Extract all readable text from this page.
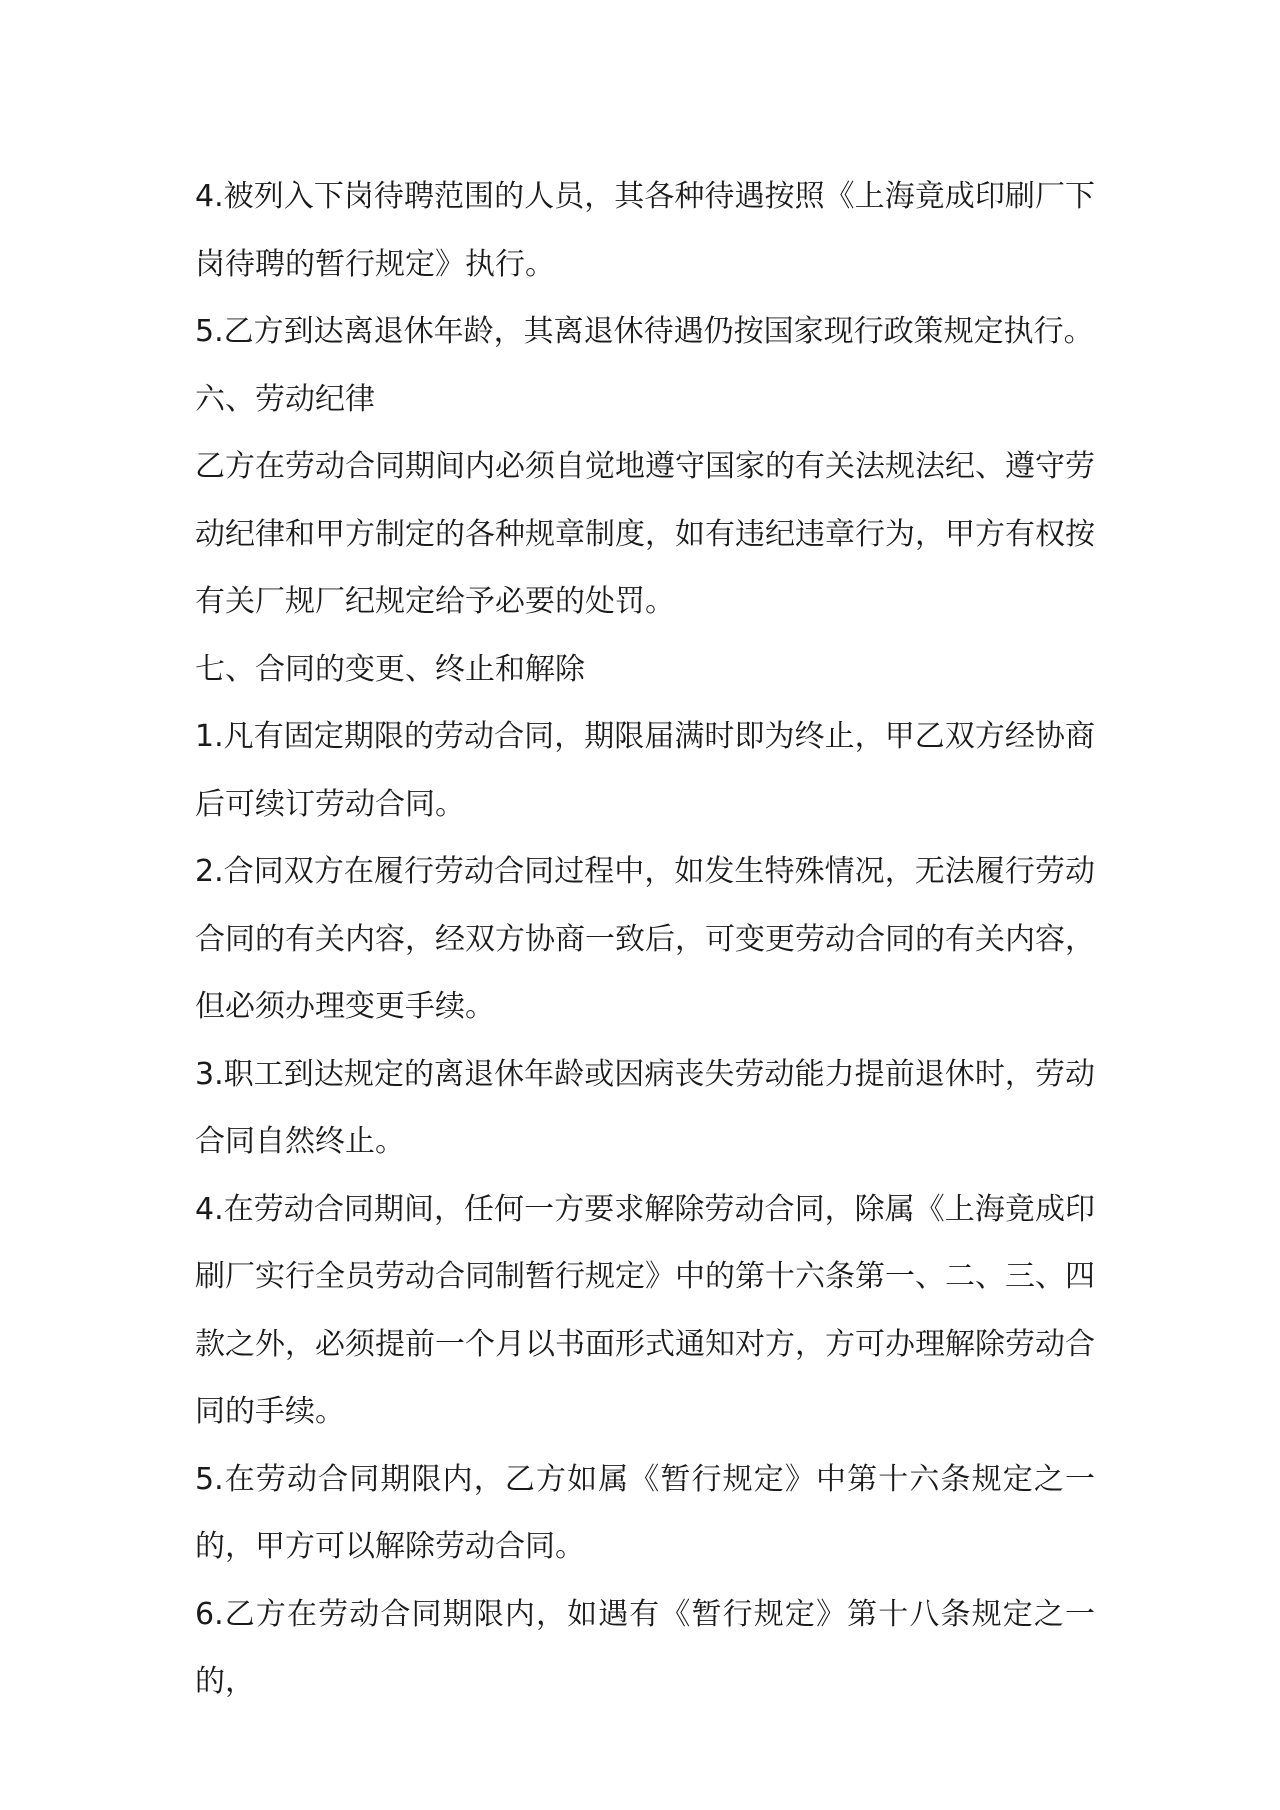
4.被列入下岗待聘范围的人员，其各种待遇按照《上海竟成印刷厂下岗待聘的暂行规定》执行。

5.乙方到达离退休年龄，其离退休待遇仍按国家现行政策规定执行。

六、劳动纪律

乙方在劳动合同期间内必须自觉地遵守国家的有关法规法纪、遵守劳动纪律和甲方制定的各种规章制度，如有违纪违章行为，甲方有权按有关厂规厂纪规定给予必要的处罚。

七、合同的变更、终止和解除

1.凡有固定期限的劳动合同，期限届满时即为终止，甲乙双方经协商后可续订劳动合同。

2.合同双方在履行劳动合同过程中，如发生特殊情况，无法履行劳动合同的有关内容，经双方协商一致后，可变更劳动合同的有关内容，但必须办理变更手续。

3.职工到达规定的离退休年龄或因病丧失劳动能力提前退休时，劳动合同自然终止。

4.在劳动合同期间，任何一方要求解除劳动合同，除属《上海竟成印刷厂实行全员劳动合同制暂行规定》中的第十六条第一、二、三、四款之外，必须提前一个月以书面形式通知对方，方可办理解除劳动合同的手续。

5.在劳动合同期限内，乙方如属《暂行规定》中第十六条规定之一的，甲方可以解除劳动合同。

6.乙方在劳动合同期限内，如遇有《暂行规定》第十八条规定之一的，
